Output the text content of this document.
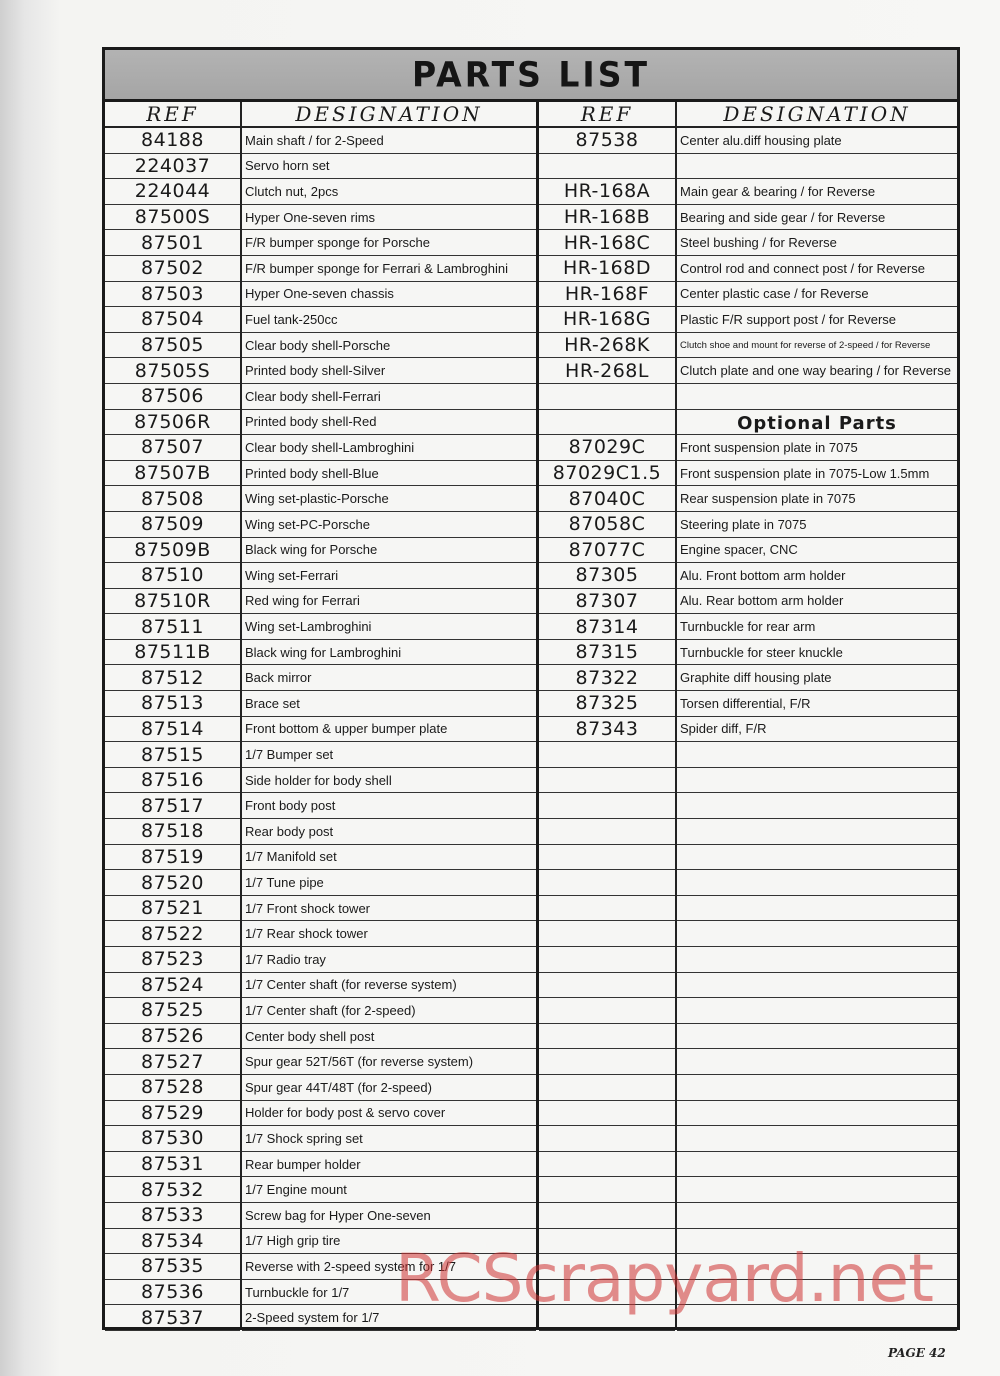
PARTS LIST
REF
84188
224037
224044
87500S
87501
87502
87503
87504
87505
87505S
87506
87506R
87507
87507B
87508
87509
87509B
87510
87510R
87511
87511B
87512
87513
87514
87515
87516
87517
87518
87519
87520
87521
87522
87523
87524
87525
87526
87527
87528
87529
87530
87531
87532
87533
87534
87535
87536
87537
DESIGNATION
Main shaft / for 2-Speed
Servo horn set
Clutch nut, 2pcs
Hyper One-seven rims
F/R bumper sponge for Porsche
F/R bumper sponge for Ferrari & Lambroghini
Hyper One-seven chassis
Fuel tank-250cc
Clear body shell-Porsche
Printed body shell-Silver
Clear body shell-Ferrari
Printed body shell-Red
Clear body shell-Lambroghini
Printed body shell-Blue
Wing set-plastic-Porsche
Wing set-PC-Porsche
Black wing for Porsche
Wing set-Ferrari
Red wing for Ferrari
Wing set-Lambroghini
Black wing for Lambroghini
Back mirror
Brace set
Front bottom & upper bumper plate
1/7 Bumper set
Side holder for body shell
Front body post
Rear body post
1/7 Manifold set
1/7 Tune pipe
1/7 Front shock tower
1/7 Rear shock tower
1/7 Radio tray
1/7 Center shaft (for reverse system)
1/7 Center shaft (for 2-speed)
Center body shell post
Spur gear 52T/56T (for reverse system)
Spur gear 44T/48T (for 2-speed)
Holder for body post & servo cover
1/7 Shock spring set
Rear bumper holder
1/7 Engine mount
Screw bag for Hyper One-seven
1/7 High grip tire
Reverse with 2-speed system for 1/7
Turnbuckle for 1/7
2-Speed system for 1/7
REF
87538
HR-168A
HR-168B
HR-168C
HR-168D
HR-168F
HR-168G
HR-268K
HR-268L
87029C
87029C1.5
87040C
87058C
87077C
87305
87307
87314
87315
87322
87325
87343
DESIGNATION
Center alu.diff housing plate
Main gear & bearing / for Reverse
Bearing and side gear / for Reverse
Steel bushing / for Reverse
Control rod and connect post / for Reverse
Center plastic case / for Reverse
Plastic F/R support post / for Reverse
Clutch shoe and mount for reverse of 2-speed / for Reverse
Clutch plate and one way bearing / for Reverse
Optional Parts
Front suspension plate in 7075
Front suspension plate in 7075-Low 1.5mm
Rear suspension plate in 7075
Steering plate in 7075
Engine spacer, CNC
Alu. Front bottom arm holder
Alu. Rear bottom arm holder
Turnbuckle for rear arm
Turnbuckle for steer knuckle
Graphite diff housing plate
Torsen differential, F/R
Spider diff, F/R
RCScrapyard.net
PAGE 42
